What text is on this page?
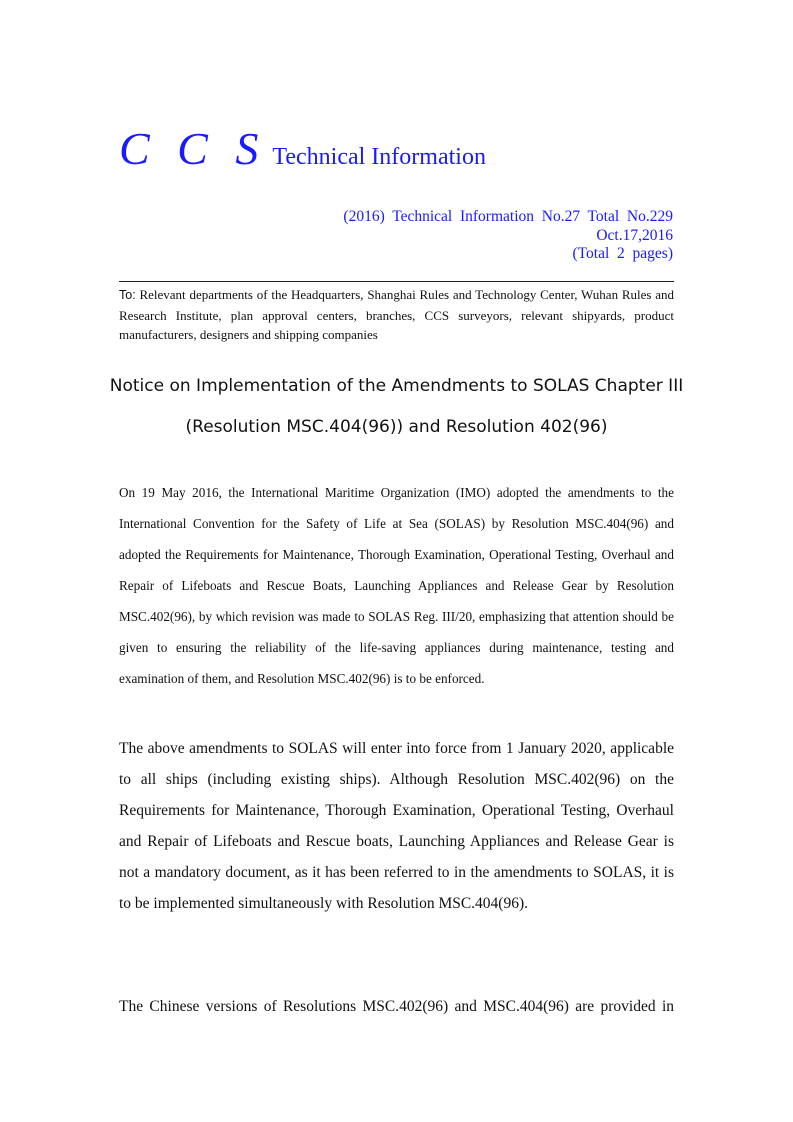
C C S Technical Information
(2016)  Technical  Information  No.27  Total  No.229
Oct.17,2016
(Total  2  pages)
To: Relevant departments of the Headquarters, Shanghai Rules and Technology Center, Wuhan Rules and Research Institute, plan approval centers, branches, CCS surveyors, relevant shipyards, product manufacturers, designers and shipping companies
Notice on Implementation of the Amendments to SOLAS Chapter III
(Resolution MSC.404(96)) and Resolution 402(96)
On 19 May 2016, the International Maritime Organization (IMO) adopted the amendments to the International Convention for the Safety of Life at Sea (SOLAS) by Resolution MSC.404(96) and adopted the Requirements for Maintenance, Thorough Examination, Operational Testing, Overhaul and Repair of Lifeboats and Rescue Boats, Launching Appliances and Release Gear by Resolution MSC.402(96), by which revision was made to SOLAS Reg. III/20, emphasizing that attention should be given to ensuring the reliability of the life-saving appliances during maintenance, testing and examination of them, and Resolution MSC.402(96) is to be enforced.
The above amendments to SOLAS will enter into force from 1 January 2020, applicable to all ships (including existing ships). Although Resolution MSC.402(96) on the Requirements for Maintenance, Thorough Examination, Operational Testing, Overhaul and Repair of Lifeboats and Rescue boats, Launching Appliances and Release Gear is not a mandatory document, as it has been referred to in the amendments to SOLAS, it is to be implemented simultaneously with Resolution MSC.404(96).
The Chinese versions of Resolutions MSC.402(96) and MSC.404(96) are provided in
